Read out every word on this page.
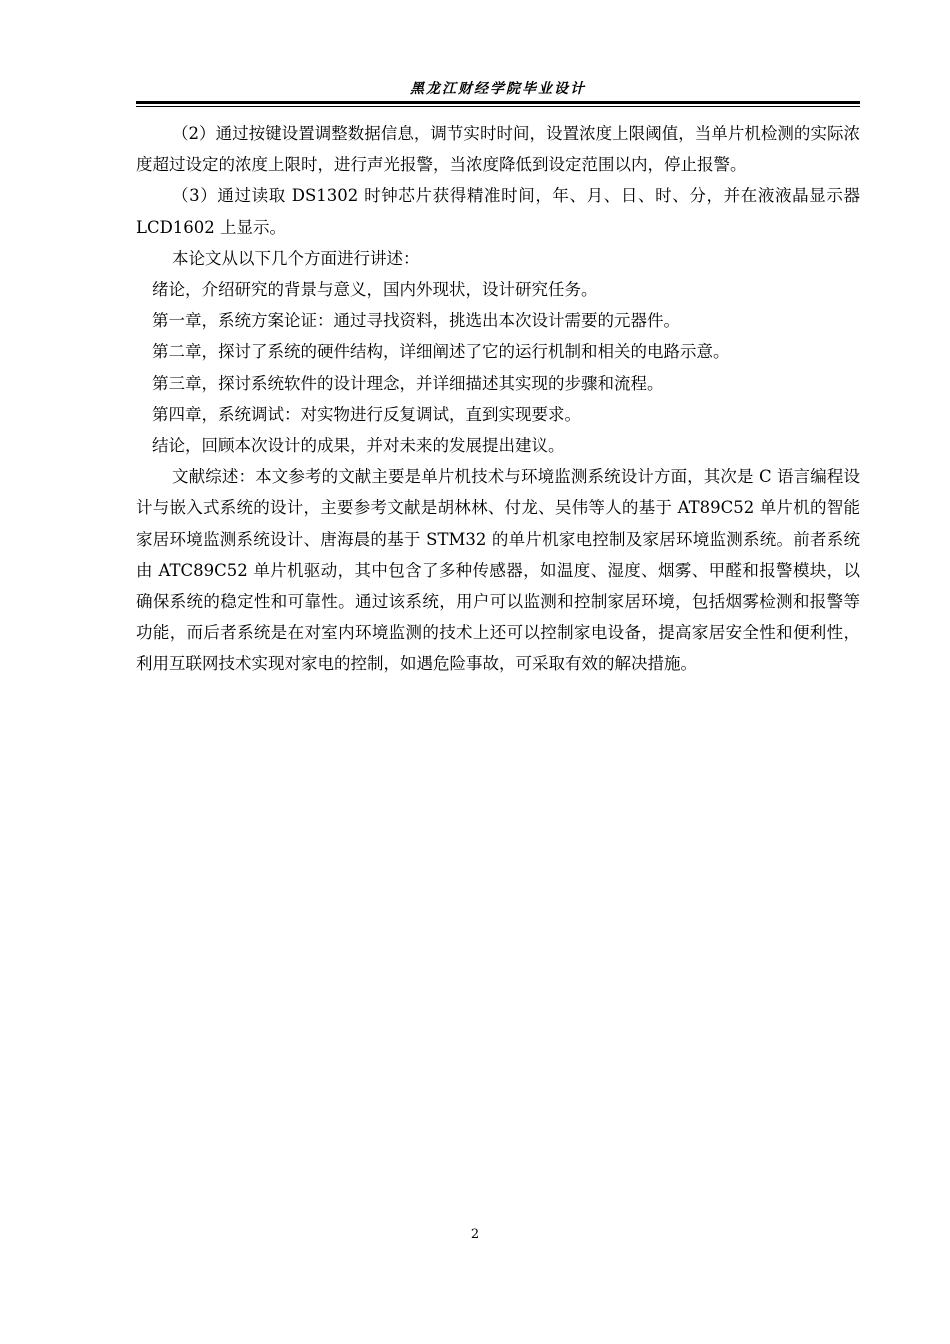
黑龙江财经学院毕业设计

（2）通过按键设置调整数据信息，调节实时时间，设置浓度上限阈值，当单片机检测的实际浓度超过设定的浓度上限时，进行声光报警，当浓度降低到设定范围以内，停止报警。

（3）通过读取 DS1302 时钟芯片获得精准时间，年、月、日、时、分，并在液液晶显示器 LCD1602 上显示。

本论文从以下几个方面进行讲述：

绪论，介绍研究的背景与意义，国内外现状，设计研究任务。

第一章，系统方案论证：通过寻找资料，挑选出本次设计需要的元器件。

第二章，探讨了系统的硬件结构，详细阐述了它的运行机制和相关的电路示意。

第三章，探讨系统软件的设计理念，并详细描述其实现的步骤和流程。

第四章，系统调试：对实物进行反复调试，直到实现要求。

结论，回顾本次设计的成果，并对未来的发展提出建议。

文献综述：本文参考的文献主要是单片机技术与环境监测系统设计方面，其次是 C 语言编程设计与嵌入式系统的设计，主要参考文献是胡林林、付龙、吴伟等人的基于 AT89C52 单片机的智能家居环境监测系统设计、唐海晨的基于 STM32 的单片机家电控制及家居环境监测系统。前者系统由 ATC89C52 单片机驱动，其中包含了多种传感器，如温度、湿度、烟雾、甲醛和报警模块，以确保系统的稳定性和可靠性。通过该系统，用户可以监测和控制家居环境，包括烟雾检测和报警等功能，而后者系统是在对室内环境监测的技术上还可以控制家电设备，提高家居安全性和便利性，利用互联网技术实现对家电的控制，如遇危险事故，可采取有效的解决措施。

2
